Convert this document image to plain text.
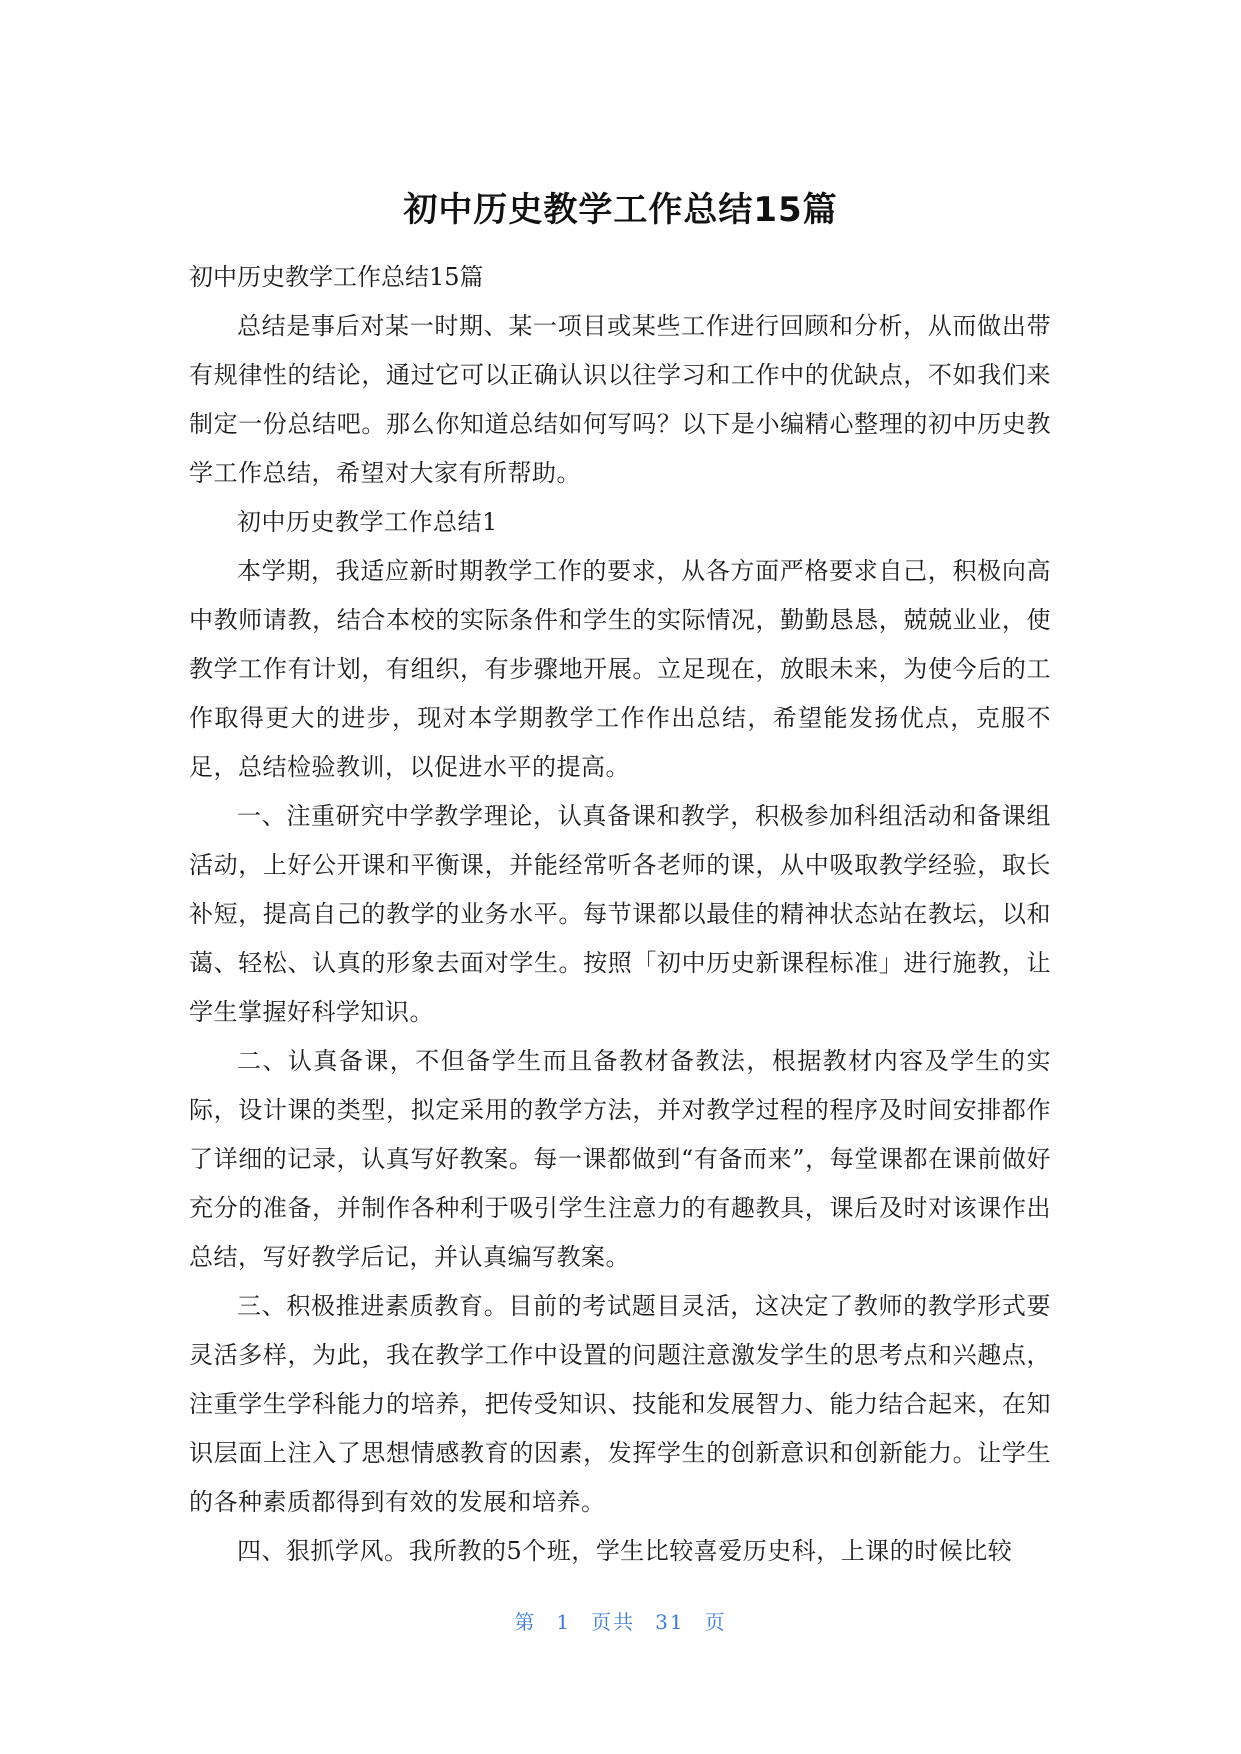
初中历史教学工作总结15篇

初中历史教学工作总结15篇

总结是事后对某一时期、某一项目或某些工作进行回顾和分析，从而做出带有规律性的结论，通过它可以正确认识以往学习和工作中的优缺点，不如我们来制定一份总结吧。那么你知道总结如何写吗？以下是小编精心整理的初中历史教学工作总结，希望对大家有所帮助。

初中历史教学工作总结1

本学期，我适应新时期教学工作的要求，从各方面严格要求自己，积极向高中教师请教，结合本校的实际条件和学生的实际情况，勤勤恳恳，兢兢业业，使教学工作有计划，有组织，有步骤地开展。立足现在，放眼未来，为使今后的工作取得更大的进步，现对本学期教学工作作出总结，希望能发扬优点，克服不足，总结检验教训，以促进水平的提高。

一、注重研究中学教学理论，认真备课和教学，积极参加科组活动和备课组活动，上好公开课和平衡课，并能经常听各老师的课，从中吸取教学经验，取长补短，提高自己的教学的业务水平。每节课都以最佳的精神状态站在教坛，以和蔼、轻松、认真的形象去面对学生。按照「初中历史新课程标准」进行施教，让学生掌握好科学知识。

二、认真备课，不但备学生而且备教材备教法，根据教材内容及学生的实际，设计课的类型，拟定采用的教学方法，并对教学过程的程序及时间安排都作了详细的记录，认真写好教案。每一课都做到“有备而来”，每堂课都在课前做好充分的准备，并制作各种利于吸引学生注意力的有趣教具，课后及时对该课作出总结，写好教学后记，并认真编写教案。

三、积极推进素质教育。目前的考试题目灵活，这决定了教师的教学形式要灵活多样，为此，我在教学工作中设置的问题注意激发学生的思考点和兴趣点，注重学生学科能力的培养，把传受知识、技能和发展智力、能力结合起来，在知识层面上注入了思想情感教育的因素，发挥学生的创新意识和创新能力。让学生的各种素质都得到有效的发展和培养。

四、狠抓学风。我所教的5个班，学生比较喜爱历史科，上课的时候比较

第 1 页共 31 页
